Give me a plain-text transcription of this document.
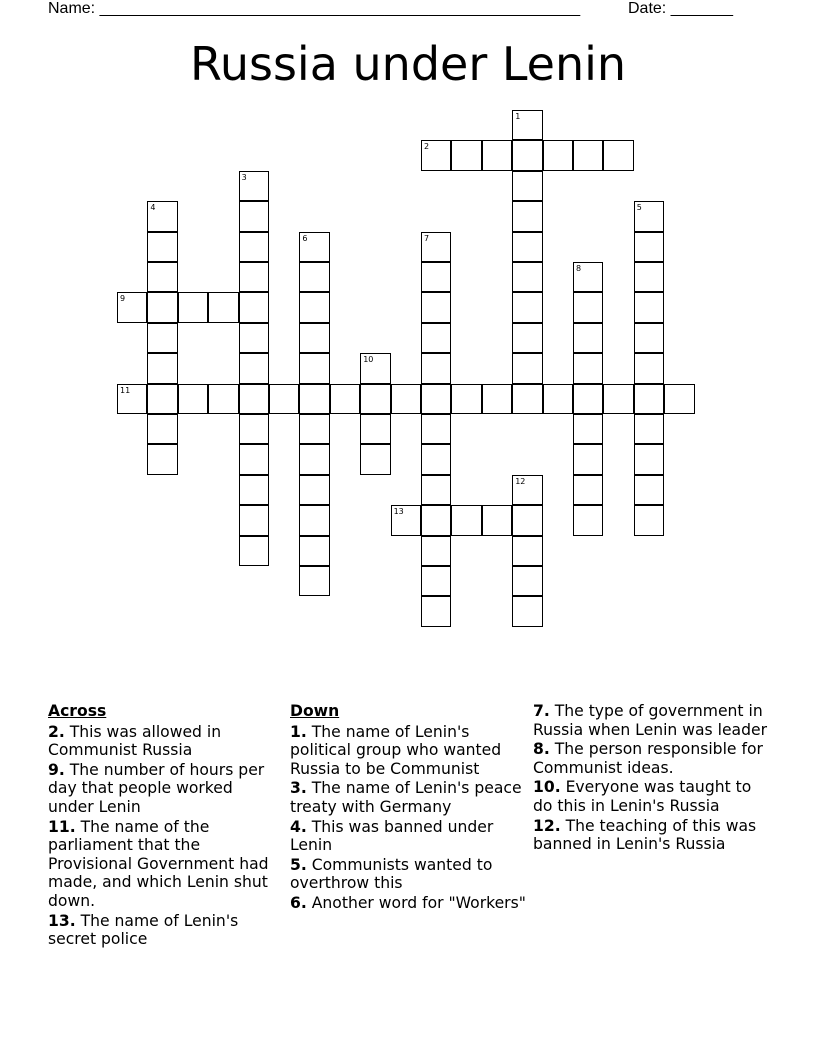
Name: ______________________________________________________	Date: _______
Russia under Lenin
1
2
3
4	5
6	7
8
9
10
11
12
13
Across
2. This was allowed in Communist Russia
9. The number of hours per day that people worked under Lenin
11. The name of the parliament that the Provisional Government had made, and which Lenin shut down.
13. The name of Lenin's secret police
Down
1. The name of Lenin's political group who wanted Russia to be Communist
3. The name of Lenin's peace treaty with Germany
4. This was banned under Lenin
5. Communists wanted to overthrow this
6. Another word for "Workers"
7. The type of government in Russia when Lenin was leader
8. The person responsible for Communist ideas.
10. Everyone was taught to do this in Lenin's Russia
12. The teaching of this was banned in Lenin's Russia
